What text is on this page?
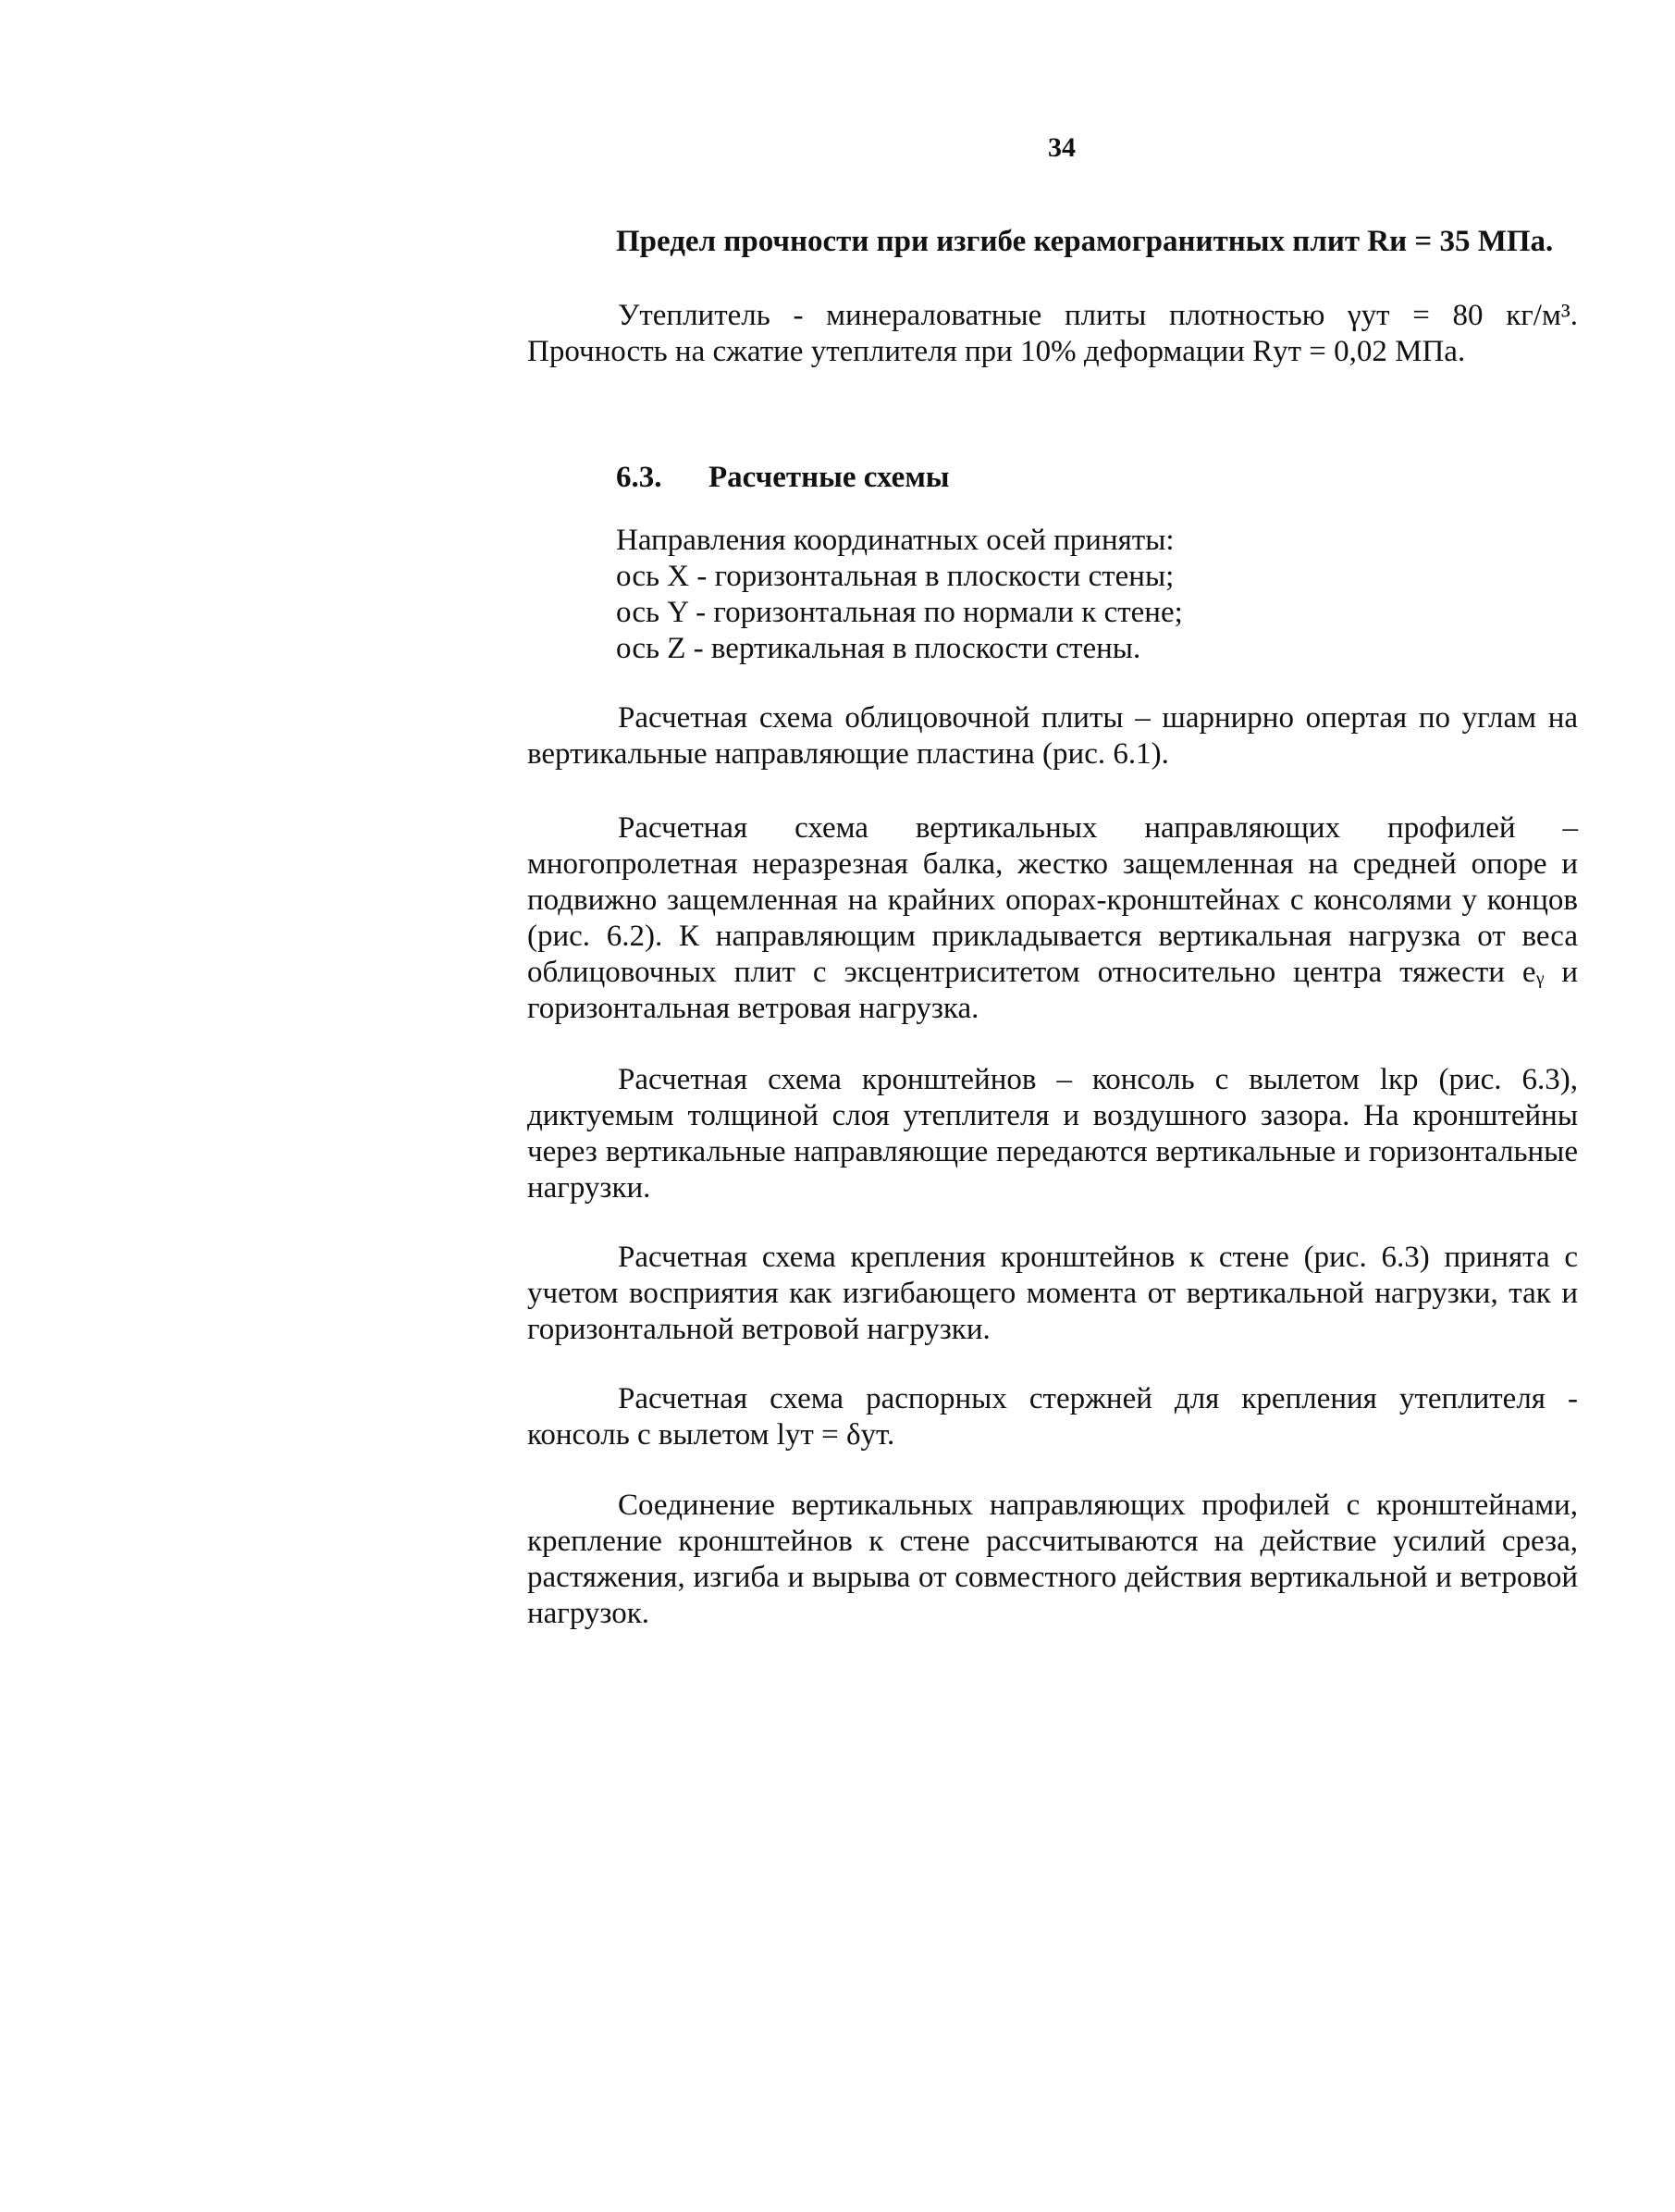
34

Предел прочности при изгибе керамогранитных плит Rи = 35 МПа.

Утеплитель - минераловатные плиты плотностью γут = 80 кг/м³. Прочность на сжатие утеплителя при 10% деформации Rут = 0,02 МПа.

6.3. Расчетные схемы
Направления координатных осей приняты:
ось X - горизонтальная в плоскости стены;
ось Y - горизонтальная по нормали к стене;
ось Z - вертикальная в плоскости стены.

Расчетная схема облицовочной плиты – шарнирно опертая по углам на вертикальные направляющие пластина (рис. 6.1).

Расчетная схема вертикальных направляющих профилей – многопролетная неразрезная балка, жестко защемленная на средней опоре и подвижно защемленная на крайних опорах-кронштейнах с консолями у концов (рис. 6.2). К направляющим прикладывается вертикальная нагрузка от веса облицовочных плит с эксцентриситетом относительно центра тяжести eᵧ и горизонтальная ветровая нагрузка.

Расчетная схема кронштейнов – консоль с вылетом lкр (рис. 6.3), диктуемым толщиной слоя утеплителя и воздушного зазора. На кронштейны через вертикальные направляющие передаются вертикальные и горизонтальные нагрузки.

Расчетная схема крепления кронштейнов к стене (рис. 6.3) принята с учетом восприятия как изгибающего момента от вертикальной нагрузки, так и горизонтальной ветровой нагрузки.

Расчетная схема распорных стержней для крепления утеплителя - консоль с вылетом lут = δут.

Соединение вертикальных направляющих профилей с кронштейнами, крепление кронштейнов к стене рассчитываются на действие усилий среза, растяжения, изгиба и вырыва от совместного действия вертикальной и ветровой нагрузок.
